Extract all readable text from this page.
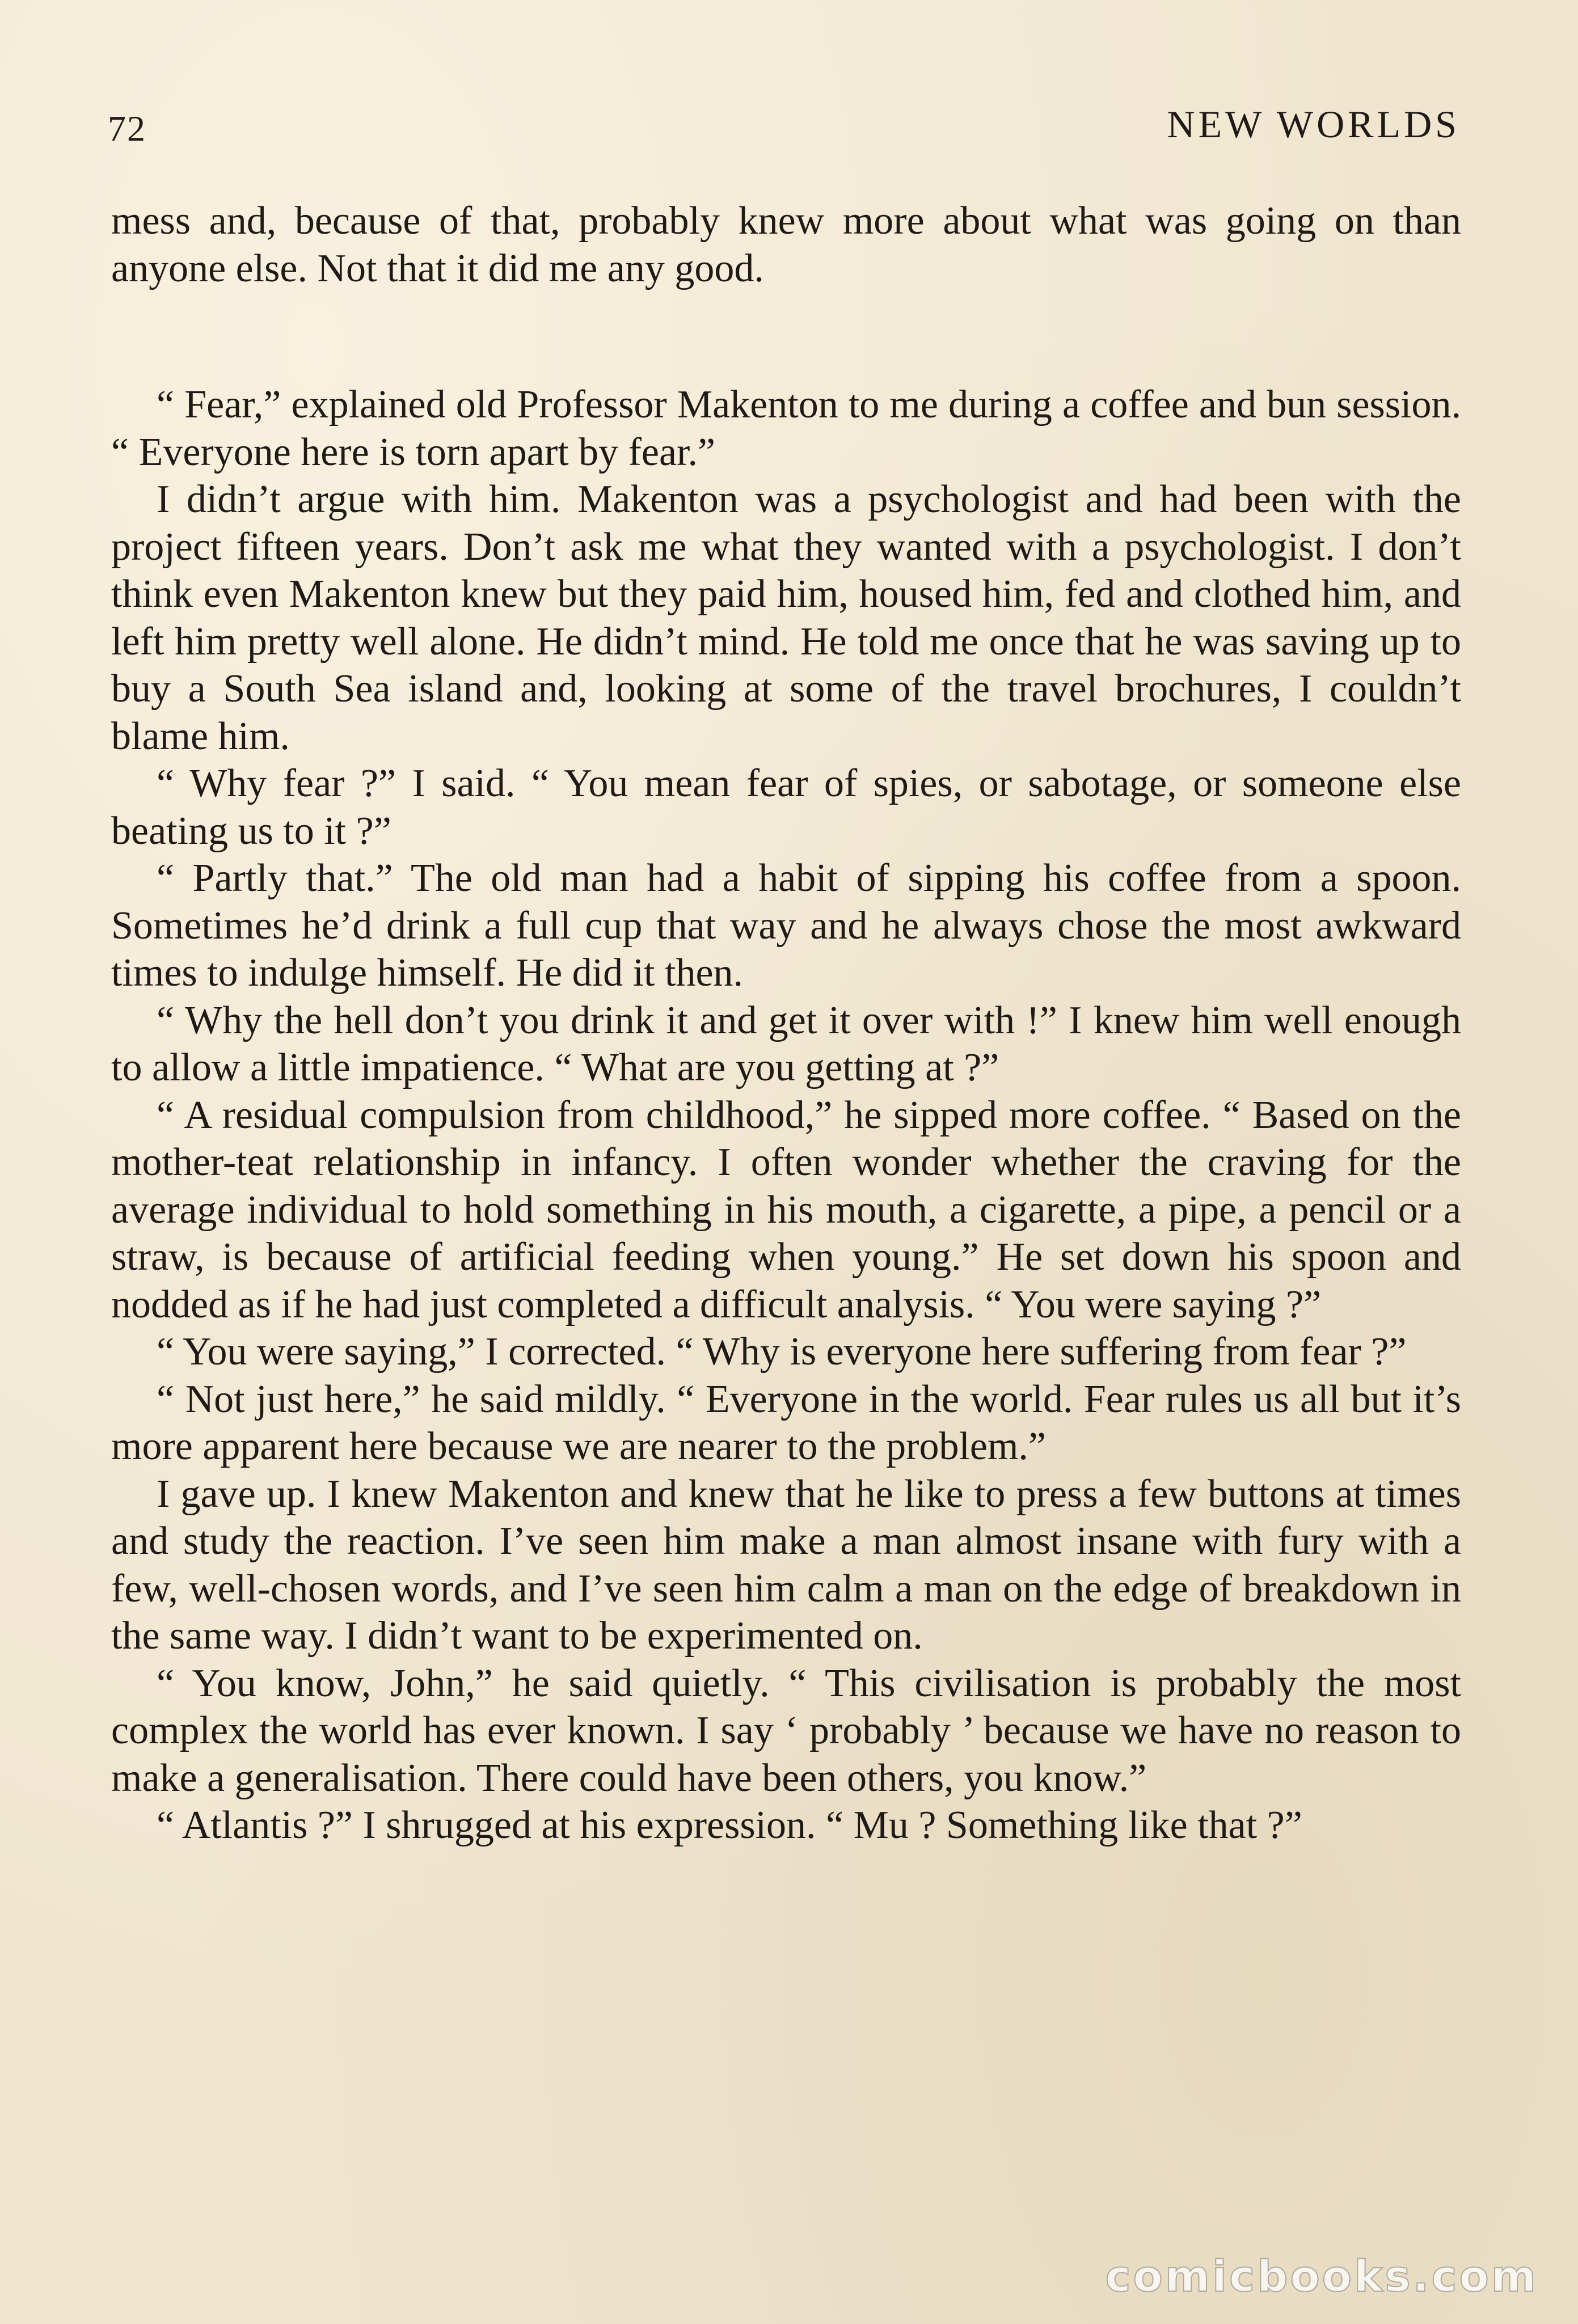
72	NEW WORLDS

mess and, because of that, probably knew more about what was going on than anyone else. Not that it did me any good.

“ Fear,” explained old Professor Makenton to me during a coffee and bun session. “ Everyone here is torn apart by fear.”

I didn’t argue with him. Makenton was a psychologist and had been with the project fifteen years. Don’t ask me what they wanted with a psychologist. I don’t think even Makenton knew but they paid him, housed him, fed and clothed him, and left him pretty well alone. He didn’t mind. He told me once that he was saving up to buy a South Sea island and, looking at some of the travel brochures, I couldn’t blame him.

“ Why fear ?” I said. “ You mean fear of spies, or sabotage, or someone else beating us to it ?”

“ Partly that.” The old man had a habit of sipping his coffee from a spoon. Sometimes he’d drink a full cup that way and he always chose the most awkward times to indulge himself. He did it then.

“ Why the hell don’t you drink it and get it over with !” I knew him well enough to allow a little impatience. “ What are you getting at ?”

“ A residual compulsion from childhood,” he sipped more coffee. “ Based on the mother-teat relationship in infancy. I often wonder whether the craving for the average individual to hold something in his mouth, a cigarette, a pipe, a pencil or a straw, is because of artificial feeding when young.” He set down his spoon and nodded as if he had just completed a difficult analysis. “ You were saying ?”

“ You were saying,” I corrected. “ Why is everyone here suffering from fear ?”

“ Not just here,” he said mildly. “ Everyone in the world. Fear rules us all but it’s more apparent here because we are nearer to the problem.”

I gave up. I knew Makenton and knew that he like to press a few buttons at times and study the reaction. I’ve seen him make a man almost insane with fury with a few, well-chosen words, and I’ve seen him calm a man on the edge of breakdown in the same way. I didn’t want to be experimented on.

“ You know, John,” he said quietly. “ This civilisation is probably the most complex the world has ever known. I say ‘ probably ’ because we have no reason to make a generalisation. There could have been others, you know.”

“ Atlantis ?” I shrugged at his expression. “ Mu ? Something like that ?”

comicbooks.com
